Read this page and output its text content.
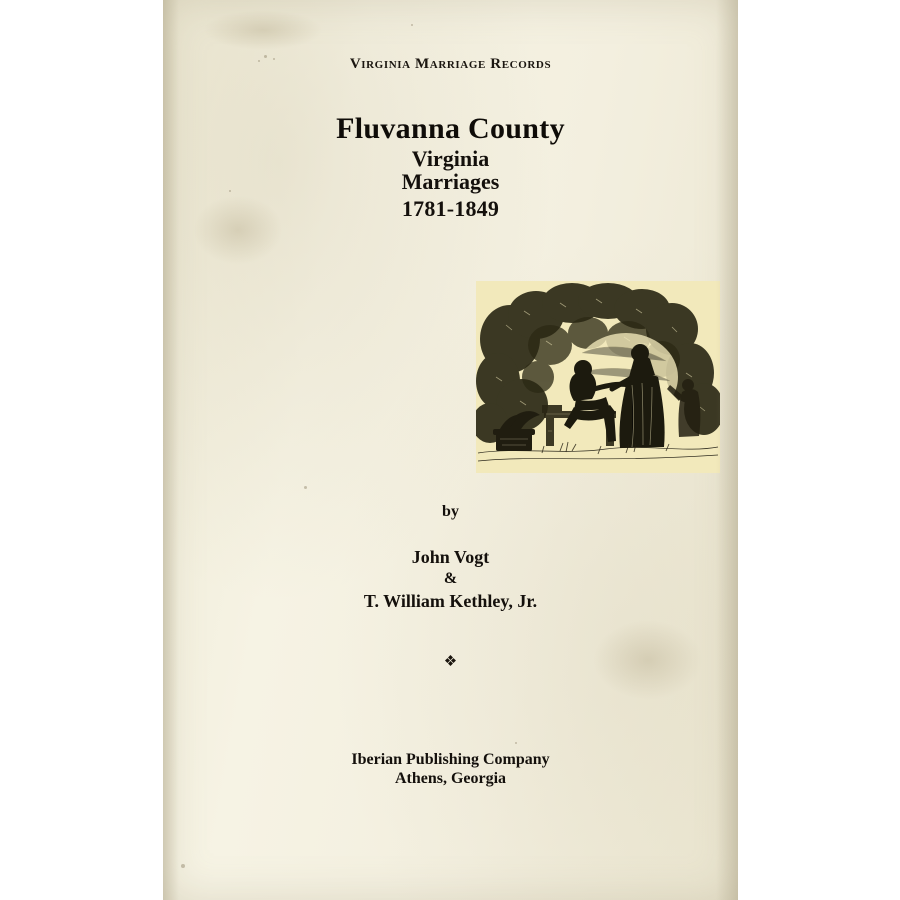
Virginia Marriage Records
Fluvanna County
Virginia
Marriages
1781-1849
by
John Vogt
&
T. William Kethley, Jr.
❖
Iberian Publishing Company
Athens, Georgia
